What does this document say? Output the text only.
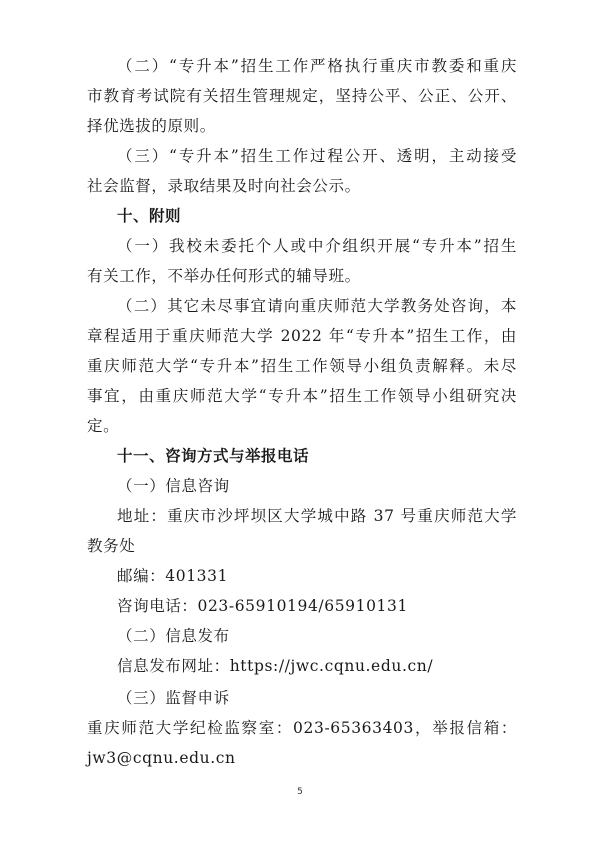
（二）“专升本”招生工作严格执行重庆市教委和重庆
市教育考试院有关招生管理规定，坚持公平、公正、公开、
择优选拔的原则。
（三）“专升本”招生工作过程公开、透明，主动接受
社会监督，录取结果及时向社会公示。
十、附则
（一）我校未委托个人或中介组织开展“专升本”招生
有关工作，不举办任何形式的辅导班。
（二）其它未尽事宜请向重庆师范大学教务处咨询，本
章程适用于重庆师范大学 2022 年“专升本”招生工作，由
重庆师范大学“专升本”招生工作领导小组负责解释。未尽
事宜，由重庆师范大学“专升本”招生工作领导小组研究决
定。
十一、咨询方式与举报电话
（一）信息咨询
地址：重庆市沙坪坝区大学城中路 37 号重庆师范大学
教务处
邮编：401331
咨询电话：023-65910194/65910131
（二）信息发布
信息发布网址：https://jwc.cqnu.edu.cn/
（三）监督申诉
5
重庆师范大学纪检监察室：023-65363403，举报信箱：
jw3@cqnu.edu.cn
